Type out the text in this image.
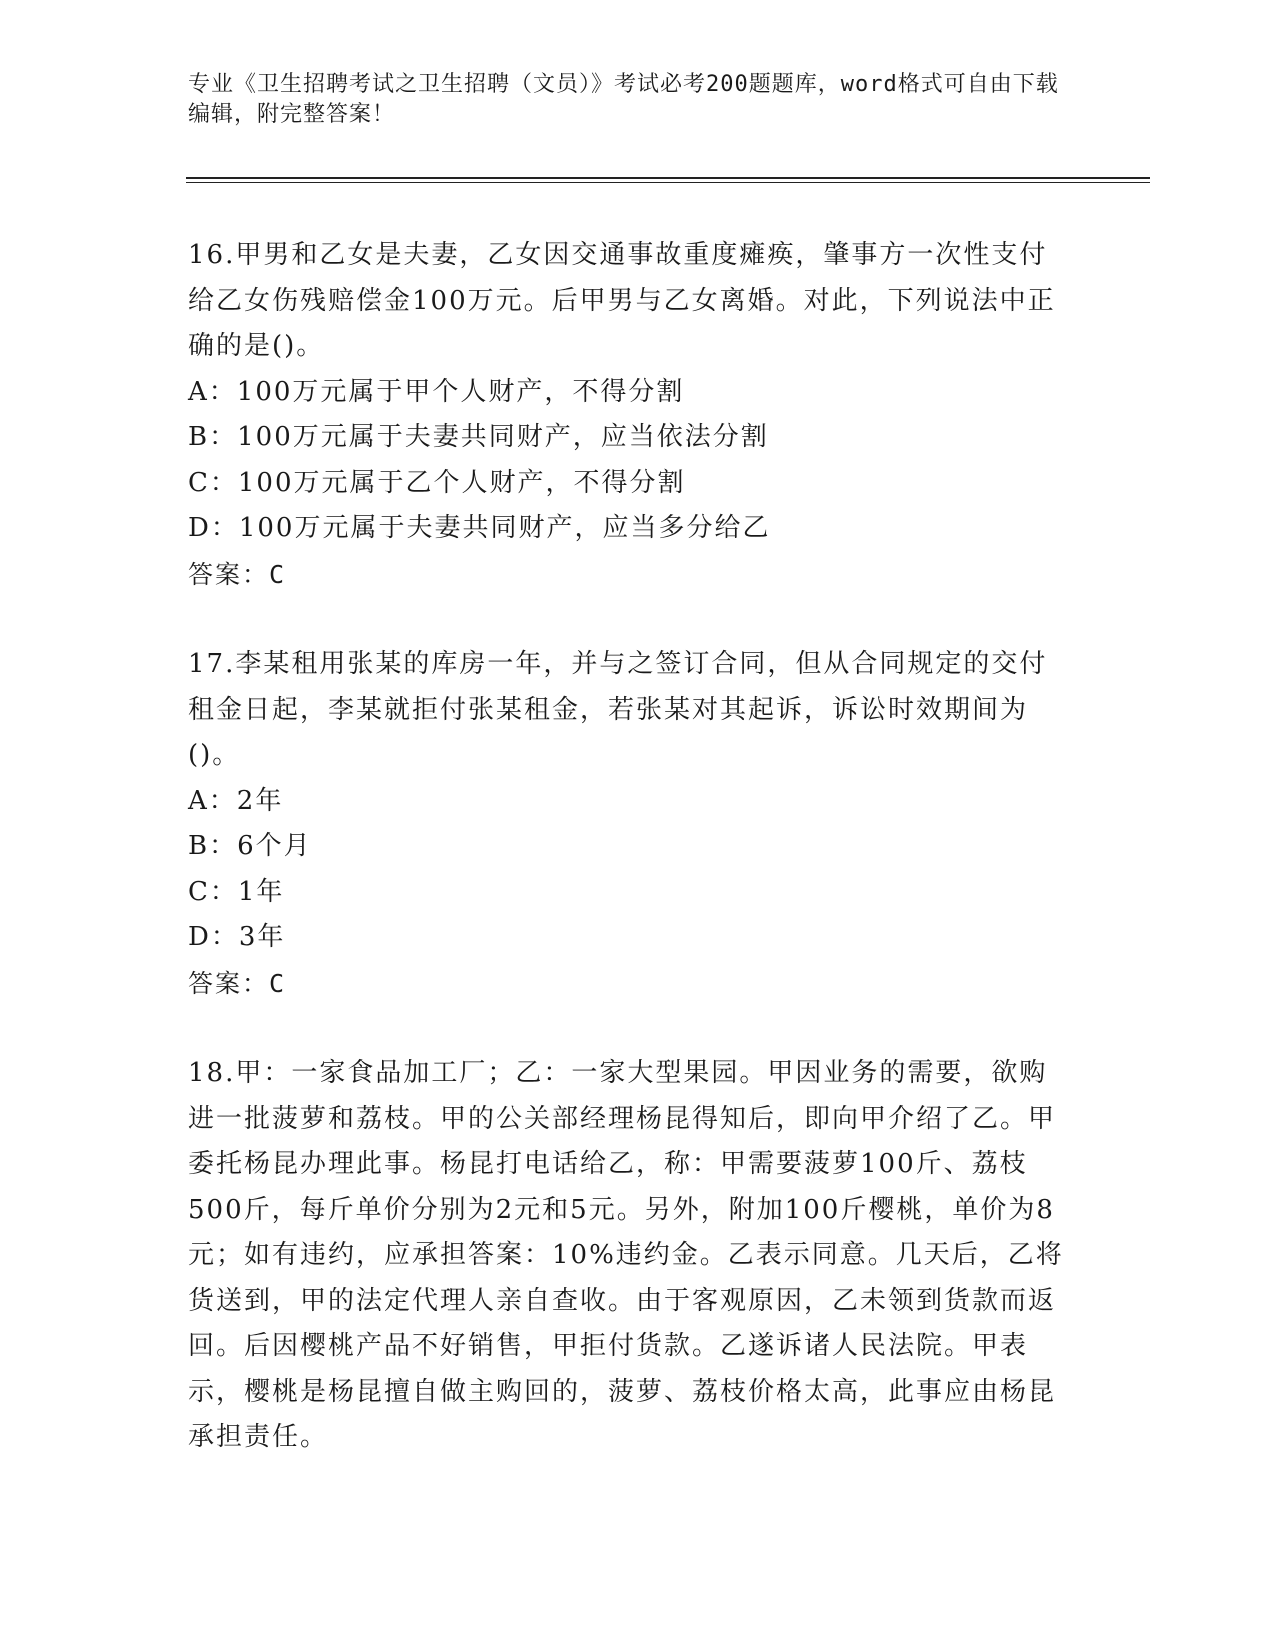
专业《卫生招聘考试之卫生招聘（文员）》考试必考200题题库，word格式可自由下载编辑，附完整答案！

16.甲男和乙女是夫妻，乙女因交通事故重度瘫痪，肇事方一次性支付给乙女伤残赔偿金100万元。后甲男与乙女离婚。对此，下列说法中正确的是()。

A：100万元属于甲个人财产，不得分割

B：100万元属于夫妻共同财产，应当依法分割

C：100万元属于乙个人财产，不得分割

D：100万元属于夫妻共同财产，应当多分给乙

答案：C

17.李某租用张某的库房一年，并与之签订合同，但从合同规定的交付租金日起，李某就拒付张某租金，若张某对其起诉，诉讼时效期间为()。

A：2年

B：6个月

C：1年

D：3年

答案：C

18.甲：一家食品加工厂；乙：一家大型果园。甲因业务的需要，欲购进一批菠萝和荔枝。甲的公关部经理杨昆得知后，即向甲介绍了乙。甲委托杨昆办理此事。杨昆打电话给乙，称：甲需要菠萝100斤、荔枝500斤，每斤单价分别为2元和5元。另外，附加100斤樱桃，单价为8元；如有违约，应承担答案：10%违约金。乙表示同意。几天后，乙将货送到，甲的法定代理人亲自查收。由于客观原因，乙未领到货款而返回。后因樱桃产品不好销售，甲拒付货款。乙遂诉诸人民法院。甲表示，樱桃是杨昆擅自做主购回的，菠萝、荔枝价格太高，此事应由杨昆承担责任。
